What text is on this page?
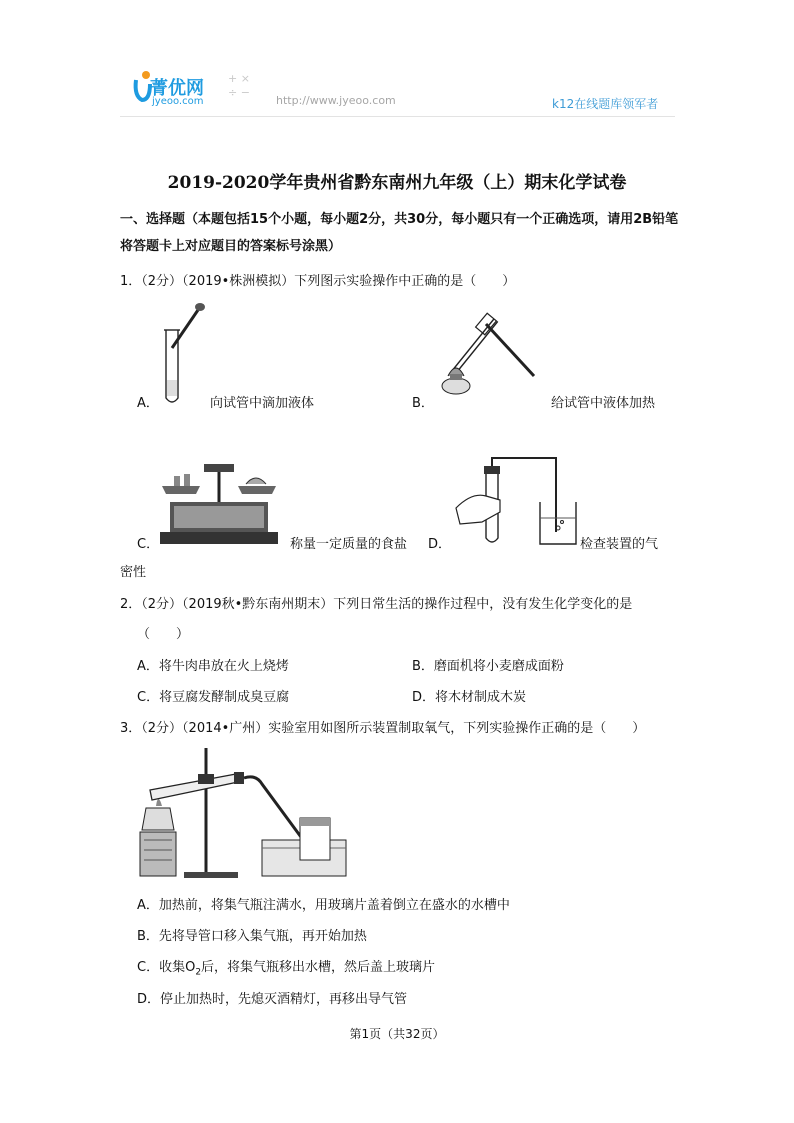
菁优网
jyeoo.com
+ ×
÷ −
http://www.jyeoo.com	k12在线题库领军者
2019-2020学年贵州省黔东南州九年级（上）期末化学试卷
一、选择题（本题包括15个小题，每小题2分，共30分，每小题只有一个正确选项，请用2B铅笔将答题卡上对应题目的答案标号涂黑）
1．（2分）（2019•株洲模拟）下列图示实验操作中正确的是（　　）
A．	向试管中滴加液体	B．	给试管中液体加热
C．	称量一定质量的食盐 D．	检查装置的气
密性
2．（2分）（2019秋•黔东南州期末）下列日常生活的操作过程中，没有发生化学变化的是
（　　）
A．将牛肉串放在火上烧烤	B．磨面机将小麦磨成面粉
C．将豆腐发酵制成臭豆腐	D．将木材制成木炭
3．（2分）（2014•广州）实验室用如图所示装置制取氧气，下列实验操作正确的是（　　）
A．加热前，将集气瓶注满水，用玻璃片盖着倒立在盛水的水槽中
B．先将导管口移入集气瓶，再开始加热
C．收集$O_2$后，将集气瓶移出水槽，然后盖上玻璃片
D．停止加热时，先熄灭酒精灯，再移出导气管
第1页（共32页）
